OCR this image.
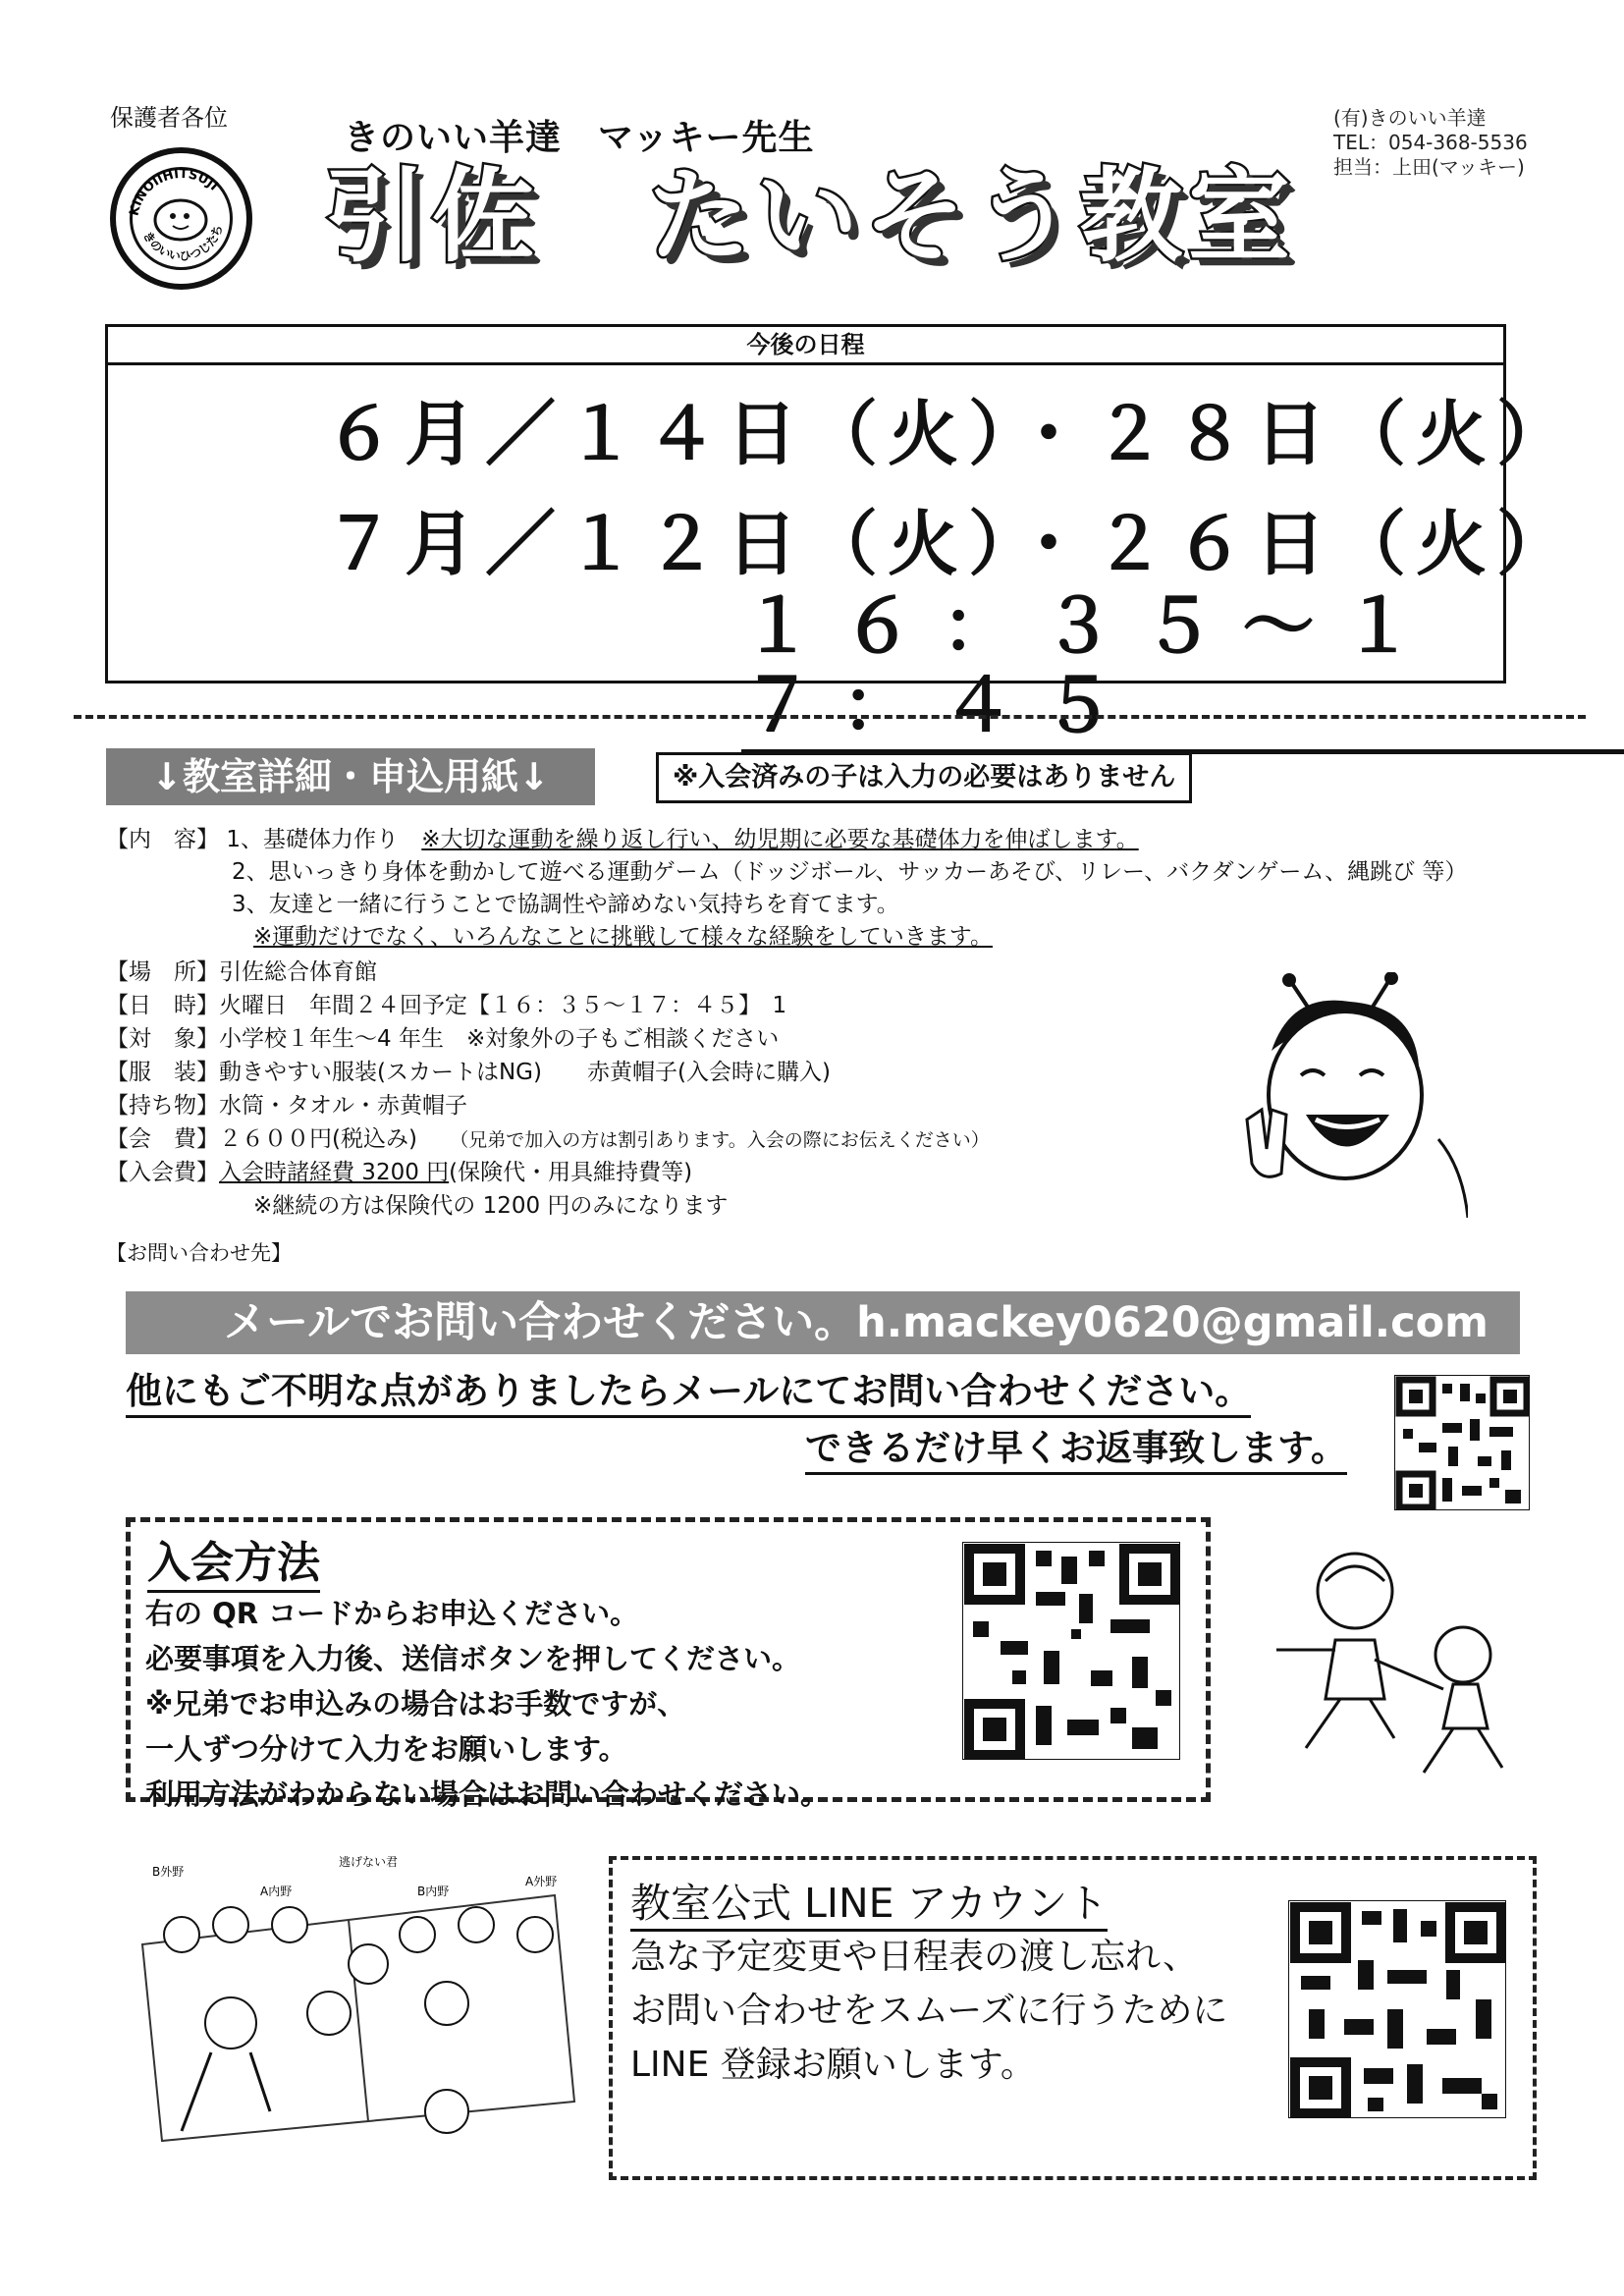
保護者各位
KINOIIHITSUJI
きのいいひつじたち
きのいい羊達　マッキー先生
引佐　たいそう教室
(有)きのいい羊達
TEL：054-368-5536
担当：上田(マッキー)
今後の日程
６月／１４日（火）・２８日（火）
７月／１２日（火）・２６日（火）
１６：３５～１７：４５
↓教室詳細・申込用紙↓	※入会済みの子は入力の必要はありません
【内　容】 1、基礎体力作り ※大切な運動を繰り返し行い、幼児期に必要な基礎体力を伸ばします。
2、思いっきり身体を動かして遊べる運動ゲーム（ドッジボール、サッカーあそび、リレー、バクダンゲーム、縄跳び 等）
3、友達と一緒に行うことで協調性や諦めない気持ちを育てます。
※運動だけでなく、いろんなことに挑戦して様々な経験をしていきます。
【場　所】引佐総合体育館
【日　時】火曜日　年間２４回予定【１６：３５～１７：４５】　1
【対　象】小学校１年生～4 年生　※対象外の子もご相談ください
【服　装】動きやすい服装(スカートはNG)　　赤黄帽子(入会時に購入)
【持ち物】水筒・タオル・赤黄帽子
【会　費】２６００円(税込み) （兄弟で加入の方は割引あります。入会の際にお伝えください）
【入会費】入会時諸経費 3200 円(保険代・用具維持費等)
※継続の方は保険代の 1200 円のみになります
【お問い合わせ先】
メールでお問い合わせください。h.mackey0620@gmail.com
他にもご不明な点がありましたらメールにてお問い合わせください。
できるだけ早くお返事致します。
入会方法
右の QR コードからお申込ください。
必要事項を入力後、送信ボタンを押してください。
※兄弟でお申込みの場合はお手数ですが、
一人ずつ分けて入力をお願いします。
利用方法がわからない場合はお問い合わせください。
B外野
A内野
逃げない君
B内野
A外野 教室公式 LINE アカウント
急な予定変更や日程表の渡し忘れ、
お問い合わせをスムーズに行うために
LINE 登録お願いします。
